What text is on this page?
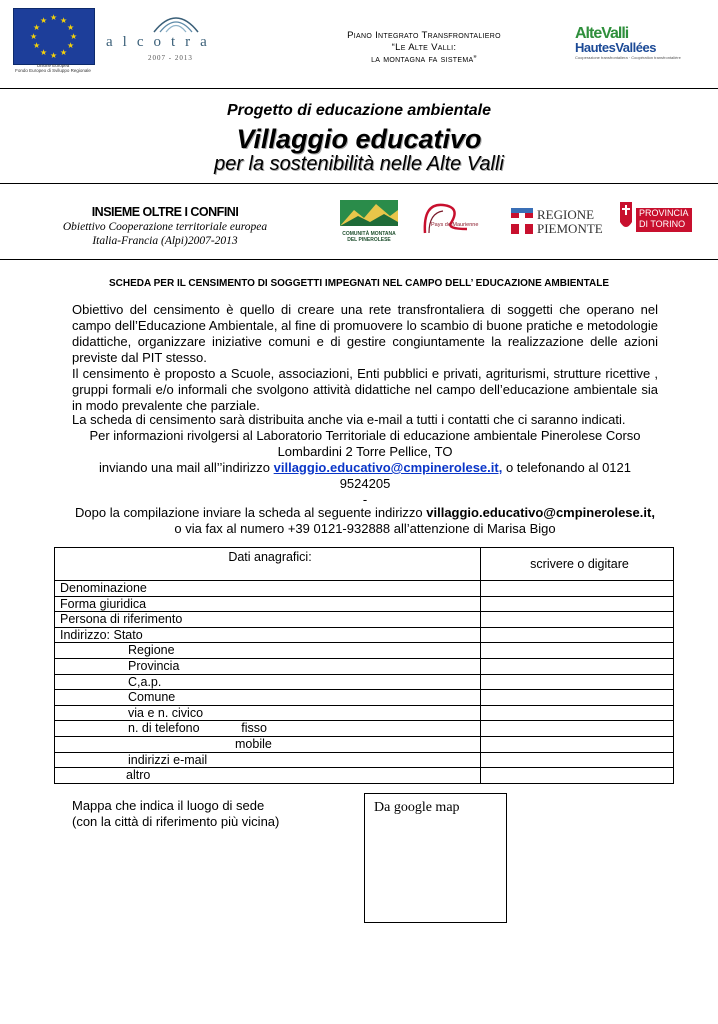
★ ★
★
★
★
★
★
★
★
★
★
★
Unione Europea
Fondo Europeo di Sviluppo Regionale
alcotra
2007 - 2013
Piano Integrato Transfrontaliero
“Le Alte Valli:
la montagna fa sistema”
AlteValli
HautesVallées
Cooperazione transfrontaliera · Coopération transfrontalière
Progetto di educazione ambientale
Villaggio educativo
per la sostenibilità nelle Alte Valli
INSIEME OLTRE I CONFINI
Obiettivo Cooperazione territoriale europea
Italia-Francia (Alpi)2007-2013
COMUNITÀ MONTANA DEL PINEROLESE
Pays de Maurienne
REGIONE
PIEMONTE
PROVINCIA
DI TORINO
SCHEDA PER IL CENSIMENTO DI SOGGETTI IMPEGNATI NEL CAMPO DELL’ EDUCAZIONE AMBIENTALE
Obiettivo del censimento è quello di creare una rete transfrontaliera di soggetti che operano nel campo dell’Educazione Ambientale, al fine di promuovere lo scambio di buone pratiche e metodologie didattiche, organizzare iniziative comuni e di gestire congiuntamente la realizzazione delle azioni previste dal PIT stesso.
Il censimento è proposto a Scuole, associazioni, Enti pubblici e privati, agriturismi, strutture ricettive , gruppi formali e/o informali che svolgono attività didattiche nel campo dell’educazione ambientale sia in modo prevalente che parziale.
La scheda di censimento sarà distribuita anche via e-mail a tutti i contatti che ci saranno indicati.
Per informazioni rivolgersi al Laboratorio Territoriale di educazione ambientale Pinerolese Corso
Lombardini 2 Torre Pellice, TO
inviando una mail all’’indirizzo villaggio.educativo@cmpinerolese.it, o telefonando al 0121 9524205
-
Dopo la compilazione inviare la scheda al seguente indirizzo villaggio.educativo@cmpinerolese.it,
o via fax al numero +39 0121-932888 all’attenzione di Marisa Bigo
Dati anagrafici:	scrivere o digitare
Denominazione	
Forma giuridica	
Persona di riferimento	
Indirizzo: Stato	
Regione	
Provincia	
C,a.p.	
Comune	
via e n. civico	
n. di telefono            fisso	
mobile	
indirizzi e-mail	
altro	
Mappa che indica il luogo di sede
(con la città di riferimento più vicina)
Da google map
